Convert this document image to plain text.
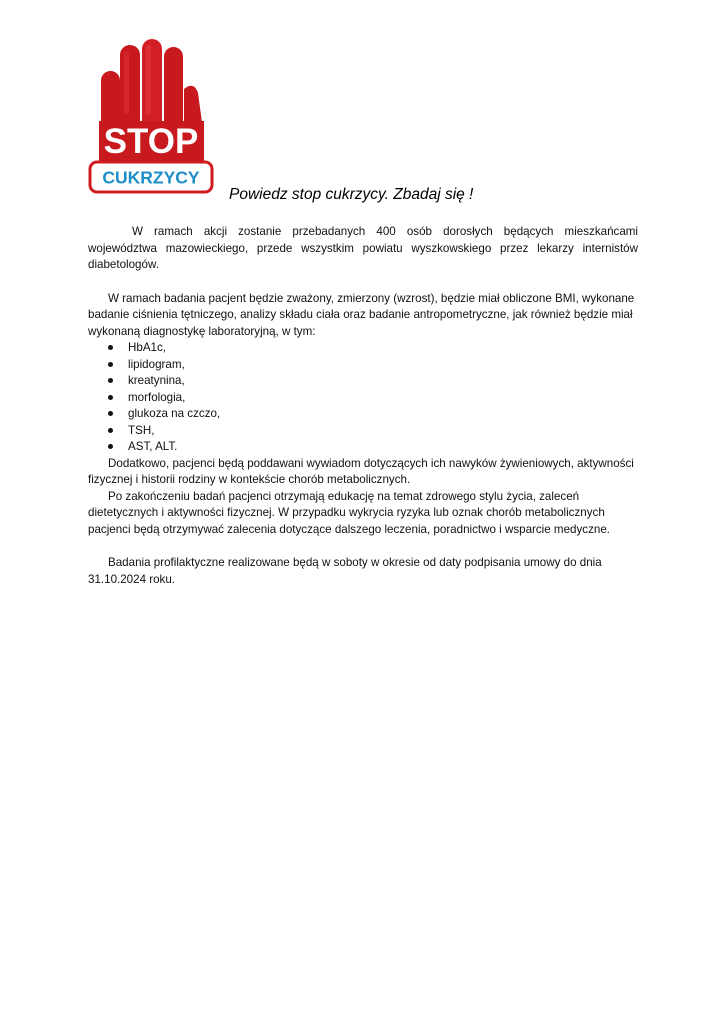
STOP
CUKRZYCY
Powiedz stop cukrzycy. Zbadaj się !

W ramach akcji zostanie przebadanych 400 osób dorosłych będących mieszkańcami województwa mazowieckiego, przede wszystkim powiatu wyszkowskiego przez lekarzy internistów diabetologów.

W ramach badania pacjent będzie zważony, zmierzony (wzrost), będzie miał obliczone BMI, wykonane badanie ciśnienia tętniczego, analizy składu ciała oraz badanie antropometryczne, jak również będzie miał wykonaną diagnostykę laboratoryjną, w tym:

HbA1c,
lipidogram,
kreatynina,
morfologia,
glukoza na czczo,
TSH,
AST, ALT.

Dodatkowo, pacjenci będą poddawani wywiadom dotyczących ich nawyków żywieniowych, aktywności fizycznej i historii rodziny w kontekście chorób metabolicznych.

Po zakończeniu badań pacjenci otrzymają edukację na temat zdrowego stylu życia, zaleceń dietetycznych i aktywności fizycznej. W przypadku wykrycia ryzyka lub oznak chorób metabolicznych pacjenci będą otrzymywać zalecenia dotyczące dalszego leczenia, poradnictwo i wsparcie medyczne.

Badania profilaktyczne realizowane będą w soboty w okresie od daty podpisania umowy do dnia 31.10.2024 roku.
